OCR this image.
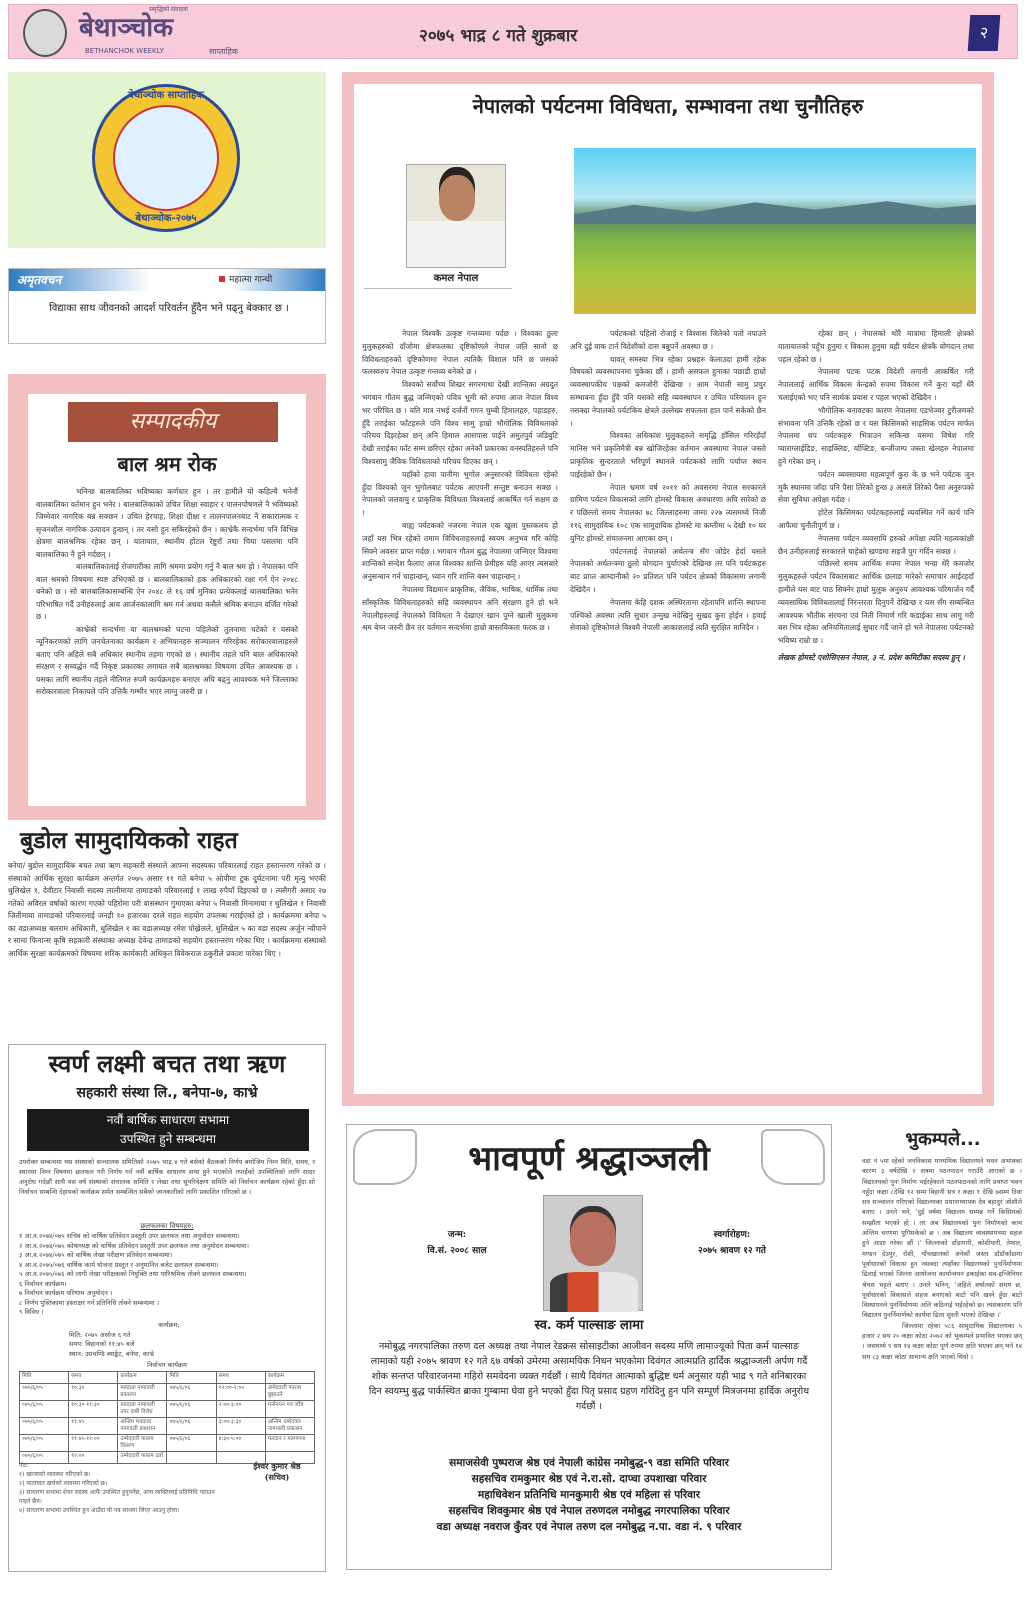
समृद्धिको संवाहक
बेथाञ्चोक
BETHANCHOK WEEKLY	साप्ताहिक
२०७५ भाद्र ८ गते शुक्रबार	२
बेथाञ्चोक साप्ताहिक
बेथाञ्चोक-२०७५
अमृतवचन	महात्मा गान्धी

विद्याका साथ जीवनको आदर्श परिवर्तन हुँदैन भने पढ्नु बेक्कार छ ।

सम्पादकीय
बाल श्रम रोक

भनिन्छ बालबालिका भविष्यका कर्णधार हुन । तर हामीले यो कहिल्यै भनेनौं बालबालिका वर्तमान हुन भनेर । बालबालिकाको उचित शिक्षा स्वाहार र पालनपोषणले नै भविष्यको जिम्मेवार नागरिक बन्न सक्छन । उचित हेरचाह, शिक्षा दीक्षा र लालनपालनबाट नै सकारात्मक र सृजनशील नागरिक उत्पादन हुन्छन् । तर यसो हुन सकिरहेको छैन । काभ्रेकै सन्दर्भमा पनि विभिन्न क्षेत्रमा बालश्रमिक रहेका छन् । यातायात, स्थानीय होटल रेष्टुराँ तथा चिया पसलमा पनि बालबालिका नै हुने गर्दछन् ।

बालबालिकालाई रोजगारीका लागि श्रममा प्रयोग गर्नु नै बाल श्रम हो । नेपालका पनि बाल श्रमको विषयमा स्पष्ट उभिएको छ । बालबालिकाको हक अधिकारको रक्षा गर्न ऐन २०४८ बनेको छ । सो बालबालिकासम्बन्धि ऐन २०४८ ले १६ वर्ष मुनिका प्रत्येकलाई बालबालिका भनेर परिभाषित गर्दै उनीहरुलाई आय आर्जनकालागि श्रम गर्न अथवा कसैले श्रमिक बनाउन वर्जित गरेको छ ।

काभ्रेको सन्दर्भमा या बालश्रमको घटना पहिलेको तुलनामा घटेको र यसको न्यूनिकरणको लागि जनचेतनाका कार्यक्रम र अभियानहरु सञ्चालन गरिरहेका सरोकारवालाहरुले बताए पनि अहिले सबै अधिकार स्थानीय तहमा गएको छ । स्थानीय तहले पनि बाल अधिकारको संरक्षण र सम्वर्द्धन गर्दै निकृष्ट प्रकारका लगायत सबै बालश्रमका विषयमा उचित आवश्यक छ । यसका लागि स्थानीय तहले नीतिगत रुपमै कार्यक्रमहरु बनाएर अघि बढ्नु आवश्यक भने जिल्लाका सरोकारवाला निकायले पनि उत्तिकै गम्भीर भएर लाग्नु जरुरी छ ।

बुडोल सामुदायिकको राहत

बनेपा/ बुडोल सामुदायिक बचत तथा ऋण सहकारी संस्थाले आफ्ना सदस्यका परिवारलाई राहत हस्तान्तरण गरेको छ । संस्थाको आर्थिक सुरक्षा कार्यक्रम अन्तर्गत २०७५ असार ११ गते बनेपा ५ ओपीमा टुक दुर्घटनामा परी मृत्यु भएकी धुलिखेल १, देवीटार निवासी सदस्य लालीमाया तामाङको परिवारलाई १ लाख रुपैयाँ दिइएको छ । त्यसैगरी असार २७ गतेको अविरल वर्षाको कारण गएको पहिरोमा परी वासस्थान गुमाएका बनेपा ५ निवासी मिनामाया र धुलिखेल १ निवासी जितीमाया तामाङको परिवारलाई जनही १० हजारका दरले राहत सहयोग उपलब्ध गराईएको हो । कार्यक्रममा बनेपा ५ का वडाअध्यक्ष बलराम अधिकारी, धुलिखेल १ का वडाअध्यक्ष रमेश पोख्रेलले, धुलिखेल ५ का वडा सदस्य अर्जुन न्यौपाने र सामा फिनान्स कृषि सहकारी संस्थाका अध्यक्ष देवेन्द्र तामाङको सहयोग हस्तान्तरण गरेका थिए । कार्यक्रममा संस्थाको आर्थिक सुरक्षा कार्यक्रमको विषयमा शरिक कार्यकारी अधिकृत विवेकराज ठकुरीले प्रकाश पारेका थिए ।

स्वर्ण लक्ष्मी बचत तथा ऋण
सहकारी संस्था लि., बनेपा-७, काभ्रे
नवौं बार्षिक साधारण सभामा
उपस्थित हुने सम्बन्धमा

उपरोक्त सम्बन्धमा यस संस्थाको सञ्चालक समितिको २०७५ भाद्र ४ गते बसेको बैठकको निर्णय बमोजिम निम्न मिति, समय, र स्थानमा निम्न विषयमा छलफल गरी निर्णय गर्न नवौं बार्षिक साधारण सभा हुने भएकोले तपाईंको उपस्थितिको लागि सादर अनुरोध गर्दछौं साथै यस वर्ष संस्थाको संचालक समिति र लेखा तथा सुपरिवेक्षण समिति को निर्वाचन कार्यक्रम रहेको हुँदा सो निर्वाचन सम्बन्धि देहायको कार्यक्रम समेत सम्बन्धित सबैको जानकारीको लागि प्रकाशित गरिएको छ ।

छलफलका विषयहरु:
१ आ.व.२०७४/०७५ सचिव को वार्षिक प्रतिवेदन प्रस्तुती उपर छलफल तथा अनुमोदन सम्बन्धमा।
२ आ.व.२०७४/०७५ कोषाध्यक्ष को वार्षिक प्रतिवेदन प्रस्तुती उपर छलफल तथा अनुमोदन सम्बन्धमा।
३ आ.व.२०७४/०७५ को वार्षिक लेखा परीक्षण प्रतिवेदन सम्बन्धमा।
४ आ.व.२०७५/०७६ वार्षिक कार्य योजना प्रस्तुत र अनुमानित बजेट छलफल सम्बन्धमा।
५ आ.व.२०७५/०७६ को लागी लेखा परीक्षकको नियुक्ति तथा पारिश्रमिक तोक्ने छलफल सम्बन्धमा।
६ निर्वाचन कार्यक्रम।
७ निर्वाचन कार्यक्रम परिणाम अनुमोदन ।
८ निर्णय पुस्तिकामा हस्ताक्षर गर्न प्रतिनिधि तोक्ने सम्बन्धमा ।
९ विविध ।
कार्यक्रम:
मिति: २०७५ असोज ६ गते
समय: बिहानको ११:४५ बजे
स्थान: उग्रचण्डि ब्याङ्केट, बनेपा, काभ्रे
निर्वाचन कार्यक्रम
मिति	समय	कार्यक्रम	मिति	समय	कार्यक्रम
०७५/६/०५	१०:३०	मतदाता नामावली प्रकाशन	०७५/६/०६	१२:००-२:००	उम्मेदवारी फाराम बुझाउने
०७५/६/०५	१०:३०-११:३०	मतदाता नामावली उपर दाबी विरोध	०७५/६/०६	२:००-३:००	मनोनयन पत्र जाँच
०७५/६/०५	११:४५	अन्तिम मतदाता नामावली प्रकाशन	०७५/६/०६	३:००-३:३०	अन्तिम उम्मेदवार नामावली प्रकाशन
०७५/६/०५	११:४५-१२:००	उम्मेदवारी फाराम वितरण	०७५/६/०६	४:३०-५:००	मतदान र मतगणना
०७५/६/०५	१२:००	उम्मेदवारी फाराम दर्ता			
नोट:
१) खाजाको व्यवस्था गरिएको छ।
२) यातायात खर्चको व्यवस्था गरिएको छ।
३) साधारण सभामा शेयर सदस्य आफैं उपस्थित हुनुपर्नेछ, अन्य व्यक्तिलाई प्रतिनिधि पठाउन पाइने छैन।
४) साधारण सभामा उपस्थित हुन आउँदा यो पत्र साथमा लिएर आउनु होला।
ईश्वर कुमार श्रेष्ठ
(सचिव)
नेपालको पर्यटनमा विविधता, सम्भावना तथा चुनौतिहरु
कमल नेपाल

नेपाल विश्वकै उत्कृष्ट गन्तव्यमा पर्दछ । विश्वका ठुला मुलुकहरुको दाँजोमा क्षेत्रफलका दृष्टिकोणले नेपाल जति सानो छ विविधताहरुको दृष्टिकोणमा नेपाल त्यतिकै विशाल पनि छ जसको फलस्वरुप नेपाल उत्कृष्ट गन्तव्य बनेको छ ।

विश्वको सर्वोच्च शिखर सगरमाथा देखी शान्तिका अग्रदुत भगवान गौतम बुद्ध जन्मिएको पवित्र भूमी को रुपमा आज नेपाल विश्व भर परिचित छ । यति मात्र नभई दर्जनौं गगन चुम्बी हिमालहरु, पहाडहरु, हुँदै तराईका फाँटहरुले पनि विश्व सामु हाम्रो भौगोलिक विविधताको परिचय दिइरहेका छन् अनि हिमाल आसपास पाईने अमुतपुर्व जडिबुटि देखी तराईका फाँट सम्म छरिएर रहेका अनेकौं प्रकारका वनस्पतिहरुले पनि विश्वसामु जैविक विविधताको परिचय दिएका छन् ।

यहाँको हावा पानीमा भुगोल अनुसारको विविधता रहेको हुँदा विश्वको जुन भुगोलबाट पर्यटक आएपनी सन्तुष्ट बनाउन सक्छ । नेपालको जलवायु र प्राकृतिक विविधता विश्वलाई आकर्षित गर्न सक्षम छ ।

बाह्य पर्यटकको नजरमा नेपाल एक खुला पुस्तकलय हो जहाँ यस भित्र रहेको तमाम विविधताहरुलाई स्वयम अनुभव गरि कोहि सिक्ने अवसर प्राप्त गर्दछ । भगवान गौतम बुद्ध नेपालमा जन्मिएर विश्वमा शान्तिको सन्देश फैलाए आज विश्वका शान्ति प्रेमीहरु यहि आएर त्यसबारे अनुसन्धान गर्न चाहान्छन्, ध्यान गरि शान्ति बस्न चाहान्छन् ।

नेपालमा विद्यमान प्राकृतिक, जैविक, भाषिक, धार्मिक तथा साँस्कृतिक विविधताहरुको सहि व्यवस्थापन अनि संरक्षण हुने हो भने नेपालीहरुलाई नेपालको विविधता नै देखाएर खान पुग्ने खाली मुलुकमा श्रम बेच्न जरुरी छैन तर वर्तमान सन्दर्भमा हाम्रो वास्तविकता फरक छ ।

पर्यटकको पहिलो रोजाई र विश्वास जितेको पतो नपाउने अनि दुई वाक टार्न विदेशीको दास बन्नुपर्ने अवस्था छ ।

यावत् समस्या भित्र रहेका प्रश्नहरु केलाउदा हामी रहेक विषयको व्यवस्थापनमा चुकेका छौं । हामी असफल हुनाका पछाडी हाम्रो व्यवस्थापकीय पक्षको कमजोरी देखिन्छ । आम नेपाली सामु प्रचुर सम्भावना हुँदा हुँदै पनि यसको सहि व्यवस्थापन र उचित परियालन हुन नसक्दा नेपालको पर्यटकिय क्षेत्रले उल्लेख्य सफलता हात पार्न सकेको छैन ।

विश्वका अधिकांश मुलुकहरुले समृद्धि हाँसिल गरिरहँदाँ मानिस भने प्रकृतिमैत्री बन्न खोजिरहेका वर्तमान अवस्थामा नेपाल जस्तो प्राकृतिक सुन्दरताले भरिपूर्ण स्थानले पर्यटकको लागि पर्याप्त स्थान पाईरहेको छैन ।

नेपाल भ्रमण वर्ष २०११ को अवसरमा नेपाल सरकारले ग्रामिण पर्यटन विकासको लागि होमस्टे विकास अवधारणा अघि सारेको छ र पछिल्लो समय नेपालका ७८ जिल्लाहरुमा जम्मा २२७ त्यसमध्ये निजी ११६ सामुदायिक १०८ एक सामुदायिक होमस्टे मा कम्तीमा ५ देखी १० घर युनिट होमस्टे संचालनमा आएका छन् ।

पर्यटनलाई नेपालको अर्थतन्त्र सँग जोडेर हेर्दा यसले नेपालको अर्थतन्त्रमा ठुलो योगदान पुर्याएको देखिन्छ तर पनि पर्यटकहरु बाट प्राप्त आम्दानीको २० प्रतिशत पनि पर्यटन क्षेत्रको विकासमा लगानी देखिदैन ।

नेपालमा केहि दशक अस्थिरतामा रहेतापनि शान्ति स्थापना पश्चिको अवस्था त्यति सुधार उन्मुख नदेखिनु सुखद कुरा होईन । हवाई सेवाको दृष्टिकोणले विश्वमै नेपाली आकाशलाई त्यति सुरक्षित मानिदैन ।

रहेका छन् । नेपालको थोरै मात्रामा हिमाली क्षेत्रको यातायातको पहुँच हुनुमा र विकास हुनुमा यही पर्यटन क्षेत्रकै योगदान तथा पहल रहेको छ ।

नेपालमा पटक पटक विदेशी लगानी आकर्षित गरी नेपाललाई आर्थिक विकास केन्द्रको रुपमा विकास गर्ने कुरा यहाँ धेरै चलाईएको भए पनि सार्थक प्रयास र पहल भएको देखिदैन ।

भौगोलिक बनावटका कारण नेपालमा एडभेञ्चर टुरीजमको संभावना पनि उत्तिकै रहेको छ र यस किसिमको साहसिक पर्यटन मार्फत नेपालमा थप पर्यटकहरु भित्राउन सकिन्छ यसमा विषेश गरि प्याराग्लाईडिङ, साइक्लिङ, र्याफ्टिङ, बन्जीजम्प जस्ता खेलहरु नेपालमा हुने गरेका छन् ।

पर्यटन व्यवसायमा महत्वपूर्ण कुरा के छ भने पर्यटक जुन मुकै स्थानमा जाँदा पनि पैसा तिरेको हुन्छ ३ असले तिरेको पैसा अनुरुपको सेवा सुविधा अपेक्षा गर्दछ ।

होटेल किसिमका पर्यटकहरुलाई व्यवस्थित गर्ने कार्य पनि आफैमा चुनौतीपूर्ण छ ।

नेपालमा पर्यटन व्यवसायि हरुको अपेक्षा त्यति महत्वकांक्षी छैन उनीहरुलाई सरकारले चाहेको खण्डमा सहजै पुग गर्दिन सक्छ ।

पछिल्लो समय आर्थिक रुपमा नेपाल भन्दा धेरै कमजोर मुलुकहरुले पर्यटन विकासबाट आर्थिक छलाङ मारेको समाचार आईरहदाँ हामीले यस बाट पाठ सिक्नेर हाम्रो मुलुक अनुरुप आवश्यक परिमार्जन गर्दै व्यवसायिक विविधतालाई निरन्तरता दिनुपर्ने देखिन्छ र यस सँग सम्बन्धित आवश्यक भौतीक संरचना एवं निती निमार्ण गरि कडाईका साथ लागु गरी बस भित्र रहेका अनियमितालाई सुधार गर्दै जाने हो भने नेपालमा पर्यटनको भविष्य राम्रो छ ।

लेखक होमस्टे एशोसिएसन नेपाल, ३ नं. प्रदेश कमिटीका सदस्य हुन् ।

भावपूर्ण श्रद्धाञ्जली
जन्म:
वि.सं. २००८ साल
स्वर्गारोहण:
२०७५ श्रावण १२ गते
स्व. कर्म पाल्साङ लामा

नमोबुद्ध नगरपालिका तरुण दल अध्यक्ष तथा नेपाल रेडक्रस सोसाइटीका आजीवन सदस्य मणि लामाज्यूको पिता कर्म पाल्साङ लामाको यही २०७५ श्रावण १२ गते ६७ वर्षको उमेरमा असामयिक निधन भएकोमा दिवंगत आत्मप्रति हार्दिक श्रद्धाञ्जली अर्पण गर्दै शोक सन्तप्त परिवारजनमा गहिरो समवेदना व्यक्त गर्दछौं । साथै दिवंगत आत्माको बुद्धिष्ट धर्म अनुसार यही भाद्र ९ गते शनिबारका दिन स्वयम्भु बुद्ध पार्कस्थित ब्राका गुम्बामा घेवा हुने भएको हुँदा पितृ प्रसाद ग्रहण गरिदिनु हुन पनि सम्पूर्ण मित्रजनमा हार्दिक अनुरोध गर्दछौं ।

समाजसेवी पुष्पराज श्रेष्ठ एवं नेपाली कांग्रेस नमोबुद्ध-९ वडा समिति परिवार
सहसचिव रामकुमार श्रेष्ठ एवं ने.रा.सो. दाप्चा उपशाखा परिवार
महाधिवेशन प्रतिनिधि मानकुमारी श्रेष्ठ एवं महिला सं परिवार
सहसचिव शिवकुमार श्रेष्ठ एवं नेपाल तरुणदल नमोबुद्ध नगरपालिका परिवार
वडा अध्यक्ष नवराज कुँवर एवं नेपाल तरुण दल नमोबुद्ध न.पा. वडा नं. ९ परिवार
भुकम्पले...

वडा नं ५मा रहेको जनविकास माध्यमिक विद्यालयले भवन अभावका कारण ३ वर्षदेखि २ सत्रमा पठनपाठन गराउँदै आएको छ । विद्यालयको पुनः निर्माण भईरहेकाले पठनपाठनको लागि प्रयाप्त भवन नहुँदा कक्षा ८देखि १२ सम्म बिहानी सत्र र कक्षा १ देखि ७सम्म दिवा सत्र सञ्चालन गरिएको विद्यालयका प्रधानाध्यापक देव बहादुर जोशीले बताए । उनले भने, 'दुई वर्षमा विद्यालय सम्पन्न गर्ने किसिमको सम्झौता भएको हो । तर अब विद्यालयको पुनः निर्माणको काम अन्तिम चरणमा पुगिसकेको छ । अब विद्यालय व्यवस्थापनमा सहज हुने आशा गरेका छौं ।' जिल्लाको डाँडापारी, कोशीपारी, तेमाल, मण्डन देउपुर, रोशी, पाँचखालको अनेकौं जस्ता डाँडाँकाँडामा पूर्वाधारको विकास हुन नसक्दा त्यहाँका विद्यालयको पुनर्निर्माणमा ढिलाई भएको जिल्ला आयोजना कार्यान्वयन इकाईका सव-इन्जिनियर श्रेयस भट्टले बताए । उनले भनिन्, 'अहिले बर्षातको समय छ, पूर्वाधारको विकासले सहज बनाएको बाटो पनि खस्ने हुँदा बाटो विस्थापनले पुनर्निर्माणमा अलि कठिनाई भईरहेको छ। त्यसकारण पनि विद्यालय पुनर्निमार्णको कार्यमा ढिला सुस्ती भएको देखिन्छ ।'

जिल्लामा रहेका ५८६ सामुदायिक विद्यालयका ५ हजार २ सय २० कक्षा कोठा २०७२ को भूकम्पले प्रभावित भएका छन् । जसमध्ये ९ सय १४ कक्षा कोठा पूर्ण रुपमा क्षति भएका छन् भने १४ सय ८३ कक्षा कोठा सामान्य क्षति भएको थियो ।
